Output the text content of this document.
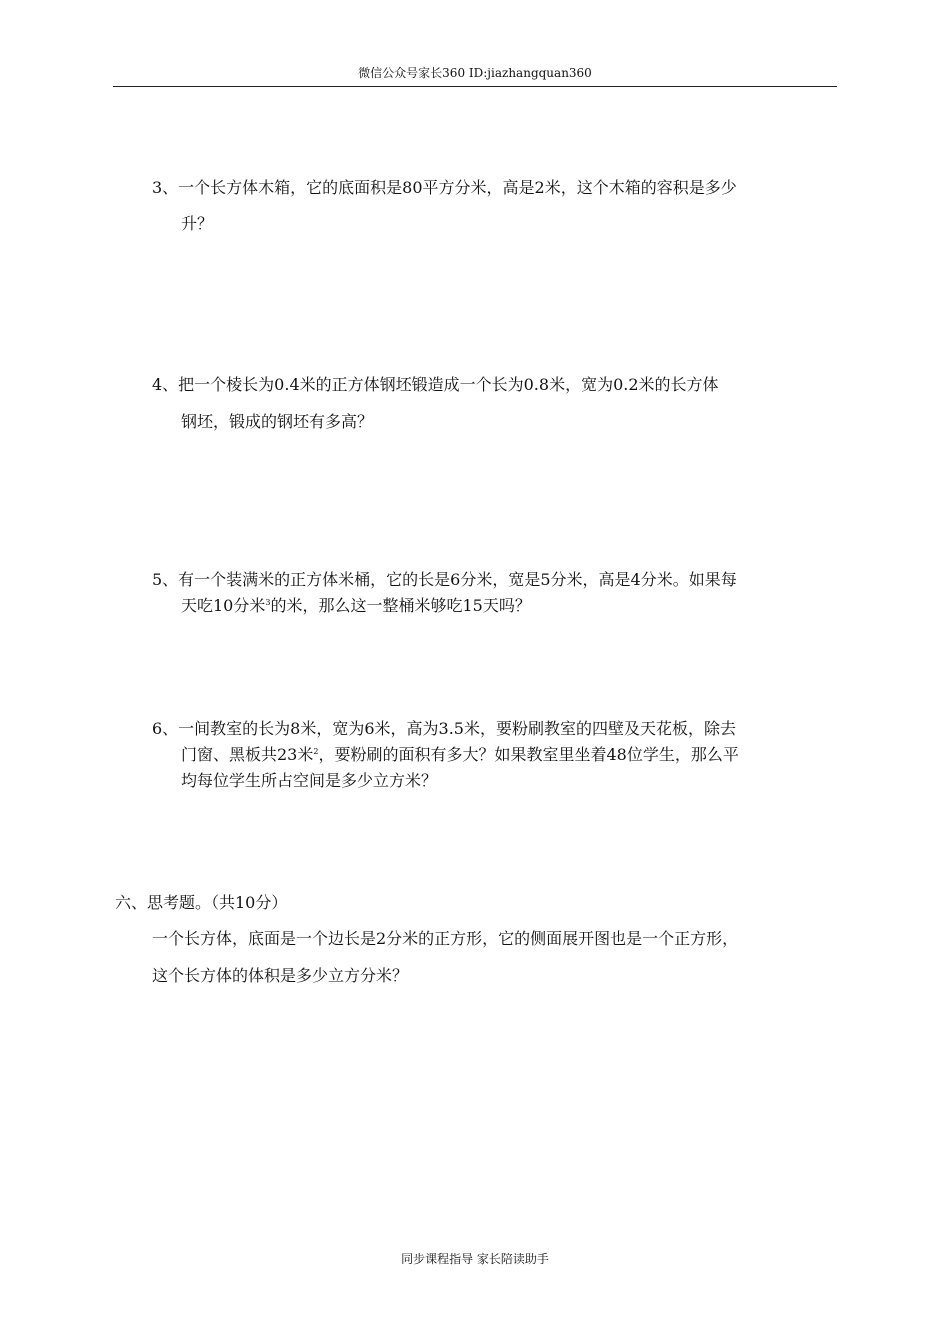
微信公众号家长360 ID:jiazhangquan360
3、一个长方体木箱，它的底面积是80平方分米，高是2米，这个木箱的容积是多少
升？
4、把一个棱长为0.4米的正方体钢坯锻造成一个长为0.8米，宽为0.2米的长方体
钢坯，锻成的钢坯有多高？
5、有一个装满米的正方体米桶，它的长是6分米，宽是5分米，高是4分米。如果每
天吃10分米$^3$的米，那么这一整桶米够吃15天吗？
6、一间教室的长为8米，宽为6米，高为3.5米，要粉刷教室的四壁及天花板，除去
门窗、黑板共23米$^2$，要粉刷的面积有多大？如果教室里坐着48位学生，那么平
均每位学生所占空间是多少立方米？
六、思考题。（共10分）
一个长方体，底面是一个边长是2分米的正方形，它的侧面展开图也是一个正方形，
这个长方体的体积是多少立方分米？
同步课程指导 家长陪读助手
